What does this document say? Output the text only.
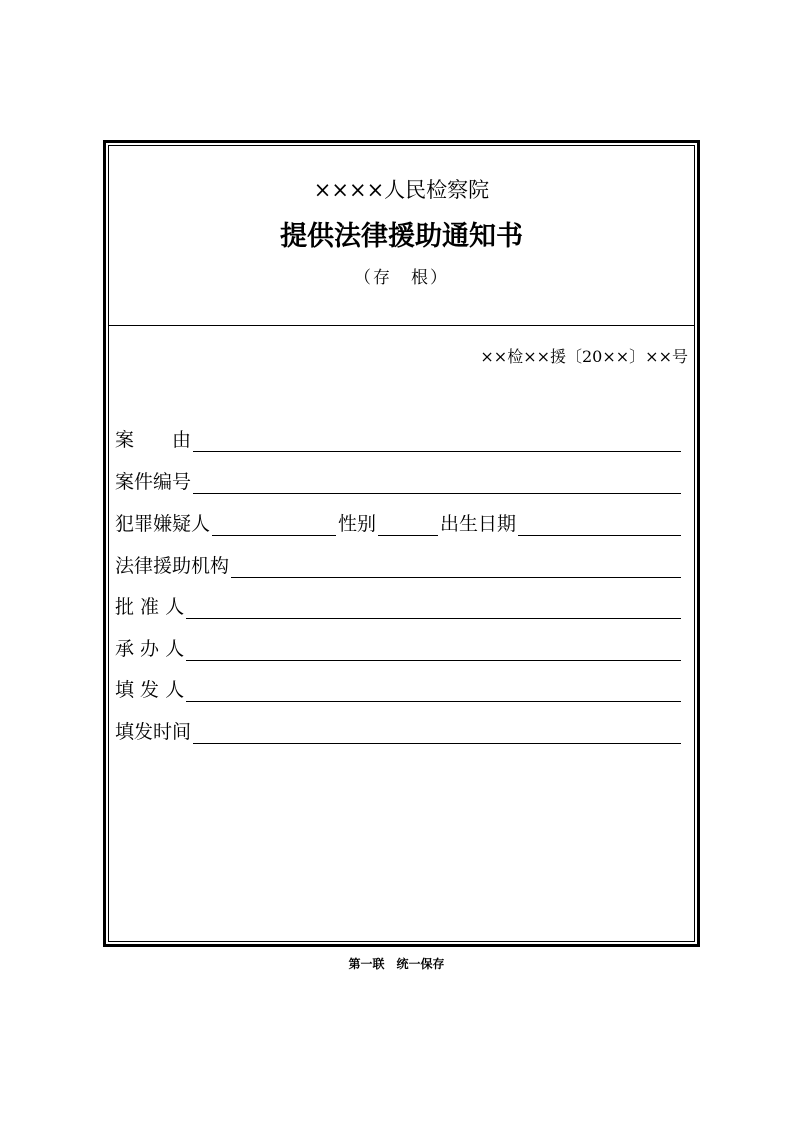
××××人民检察院
提供法律援助通知书
（存　根）
××检××援〔20××〕××号
案　　由
案件编号
犯罪嫌疑人	性别	出生日期
法律援助机构
批 准 人
承 办 人
填 发 人
填发时间
第一联　统一保存
